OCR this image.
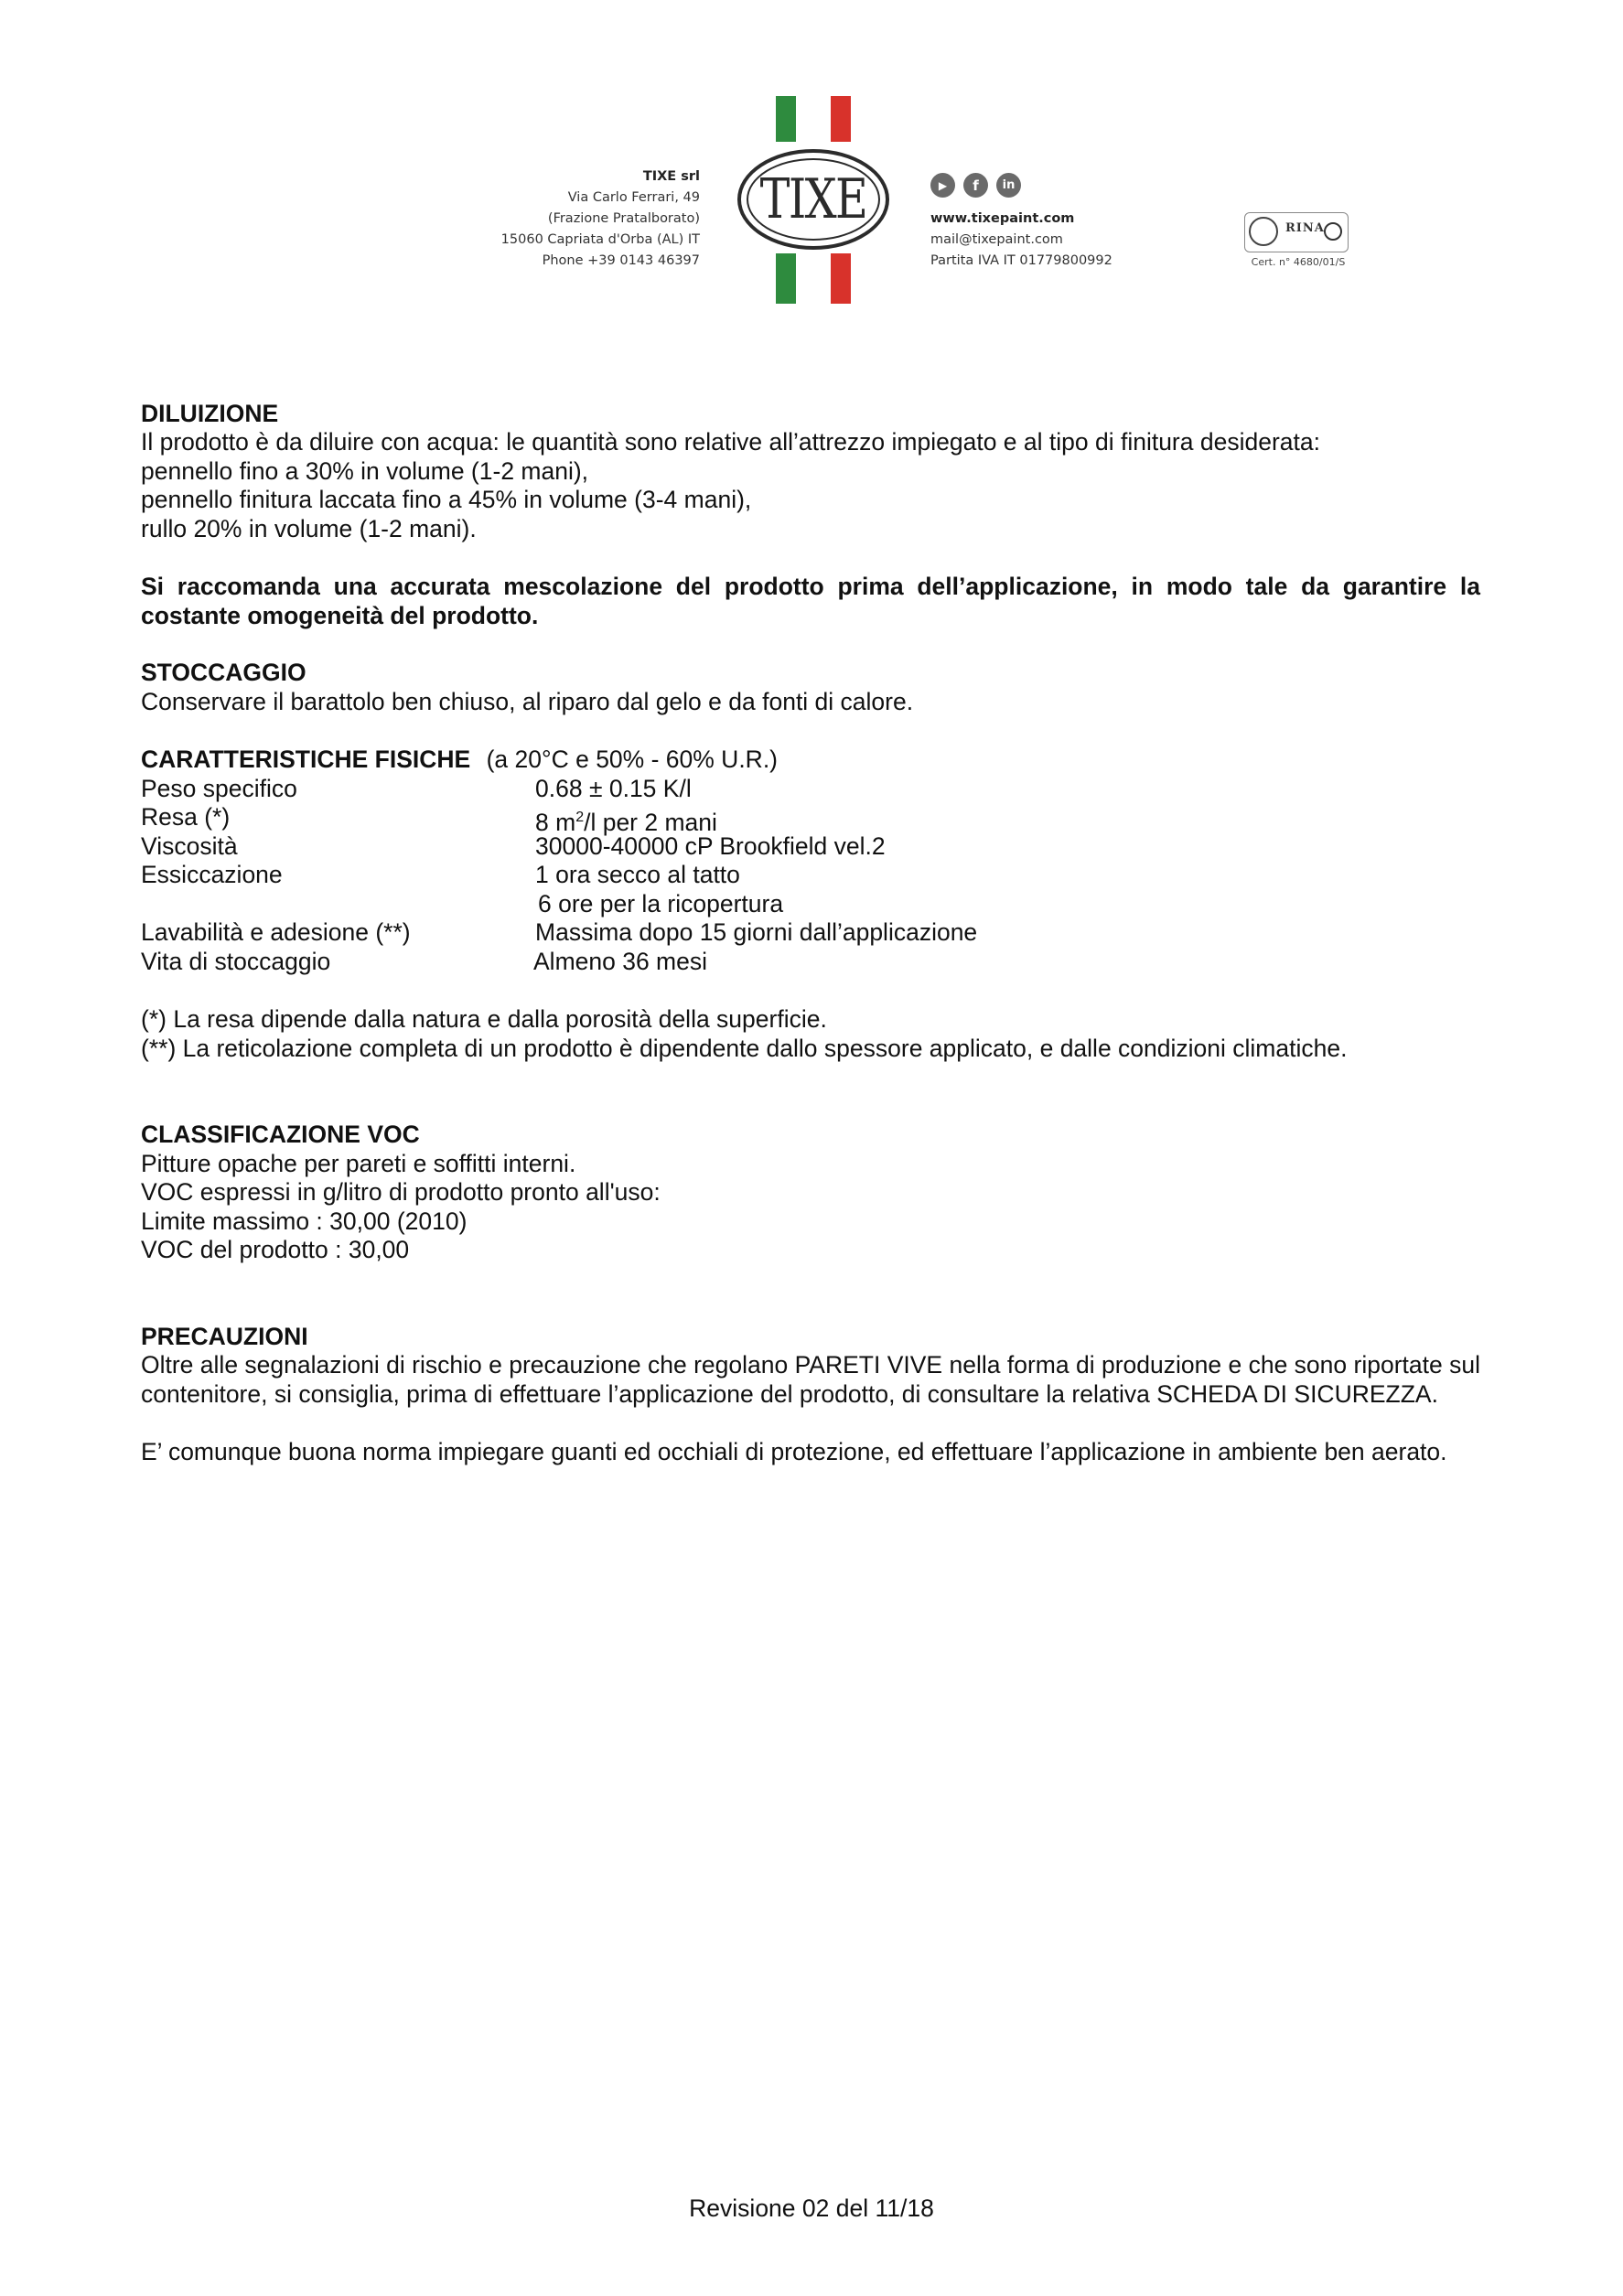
TIXE srl
Via Carlo Ferrari, 49
(Frazione Pratalborato)
15060 Capriata d'Orba (AL) IT
Phone +39 0143 46397
TIXE	▶	f	in
www.tixepaint.com
mail@tixepaint.com
Partita IVA IT 01779800992
RINA
Cert. n° 4680/01/S
DILUIZIONE
Il prodotto è da diluire con acqua: le quantità sono relative all’attrezzo impiegato e al tipo di finitura desiderata:
pennello fino a 30% in volume (1-2 mani),
pennello finitura laccata fino a 45% in volume (3-4 mani),
rullo 20% in volume (1-2 mani).

Si raccomanda una accurata mescolazione del prodotto prima dell’applicazione, in modo tale da garantire la costante omogeneità del prodotto.

STOCCAGGIO
Conservare il barattolo ben chiuso, al riparo dal gelo e da fonti di calore.
CARATTERISTICHE FISICHE (a 20°C e 50% - 60% U.R.)
Peso specifico	0.68 ± 0.15 K/l
Resa (*)	8 $m^2/l$ per 2 mani
Viscosità	30000-40000 cP Brookfield vel.2
Essiccazione	1 ora secco al tatto
6 ore per la ricopertura
Lavabilità e adesione (**)	Massima dopo 15 giorni dall’applicazione
Vita di stoccaggio	Almeno 36 mesi
(*) La resa dipende dalla natura e dalla porosità della superficie.
(**) La reticolazione completa di un prodotto è dipendente dallo spessore applicato, e dalle condizioni climatiche.
CLASSIFICAZIONE VOC
Pitture opache per pareti e soffitti interni.
VOC espressi in g/litro di prodotto pronto all'uso:
Limite massimo : 30,00 (2010)
VOC del prodotto : 30,00
PRECAUZIONI

Oltre alle segnalazioni di rischio e precauzione che regolano PARETI VIVE nella forma di produzione e che sono riportate sul contenitore, si consiglia, prima di effettuare l’applicazione del prodotto, di consultare la relativa SCHEDA DI SICUREZZA.

E’ comunque buona norma impiegare guanti ed occhiali di protezione, ed effettuare l’applicazione in ambiente ben aerato.

Revisione 02 del 11/18
